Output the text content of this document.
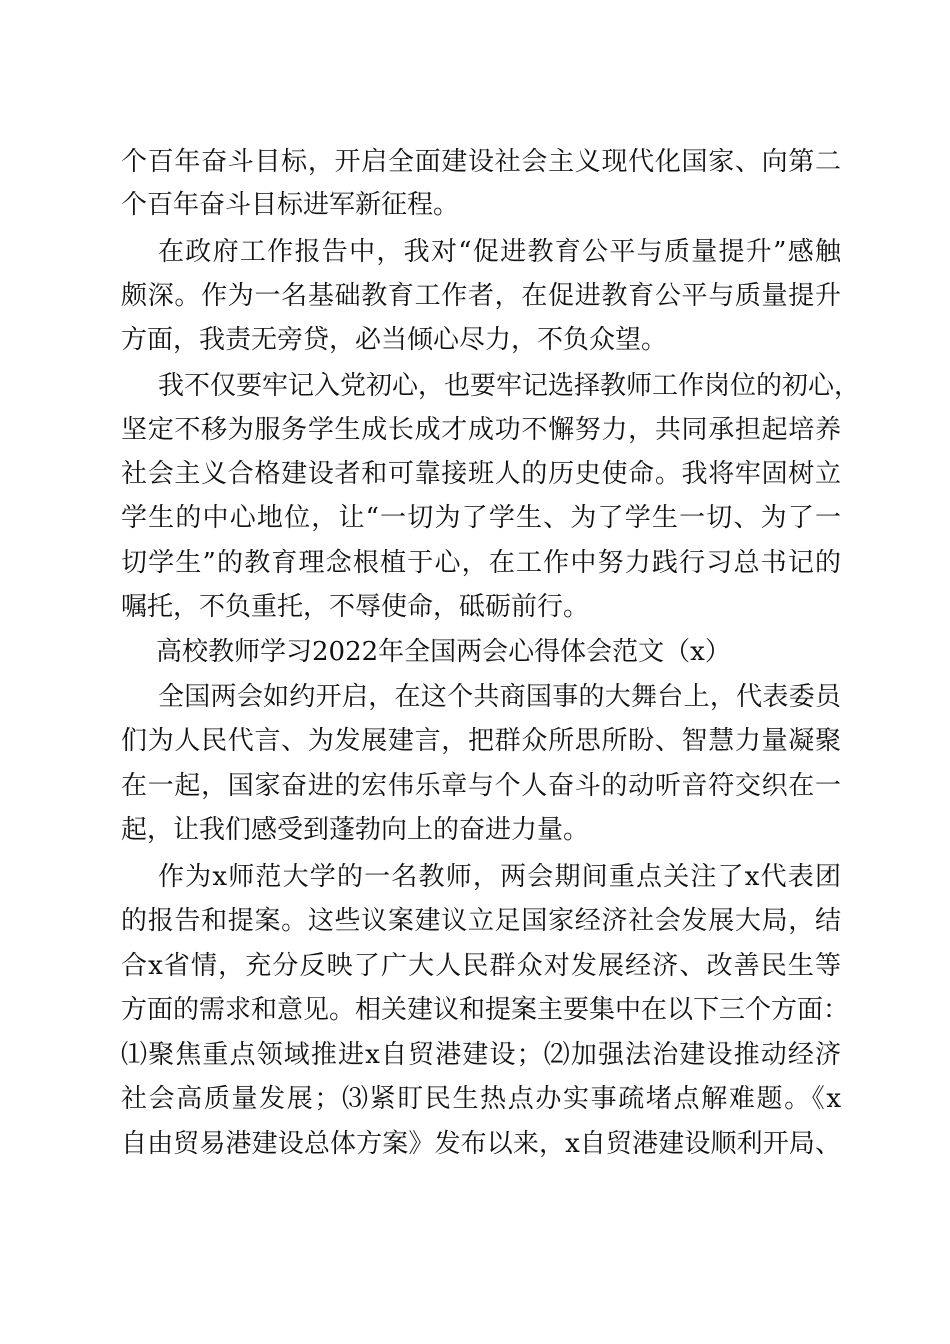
个百年奋斗目标，开启全面建设社会主义现代化国家、向第二
个百年奋斗目标进军新征程。
在政府工作报告中，我对“促进教育公平与质量提升”感触
颇深。作为一名基础教育工作者，在促进教育公平与质量提升
方面，我责无旁贷，必当倾心尽力，不负众望。
我不仅要牢记入党初心，也要牢记选择教师工作岗位的初心，
坚定不移为服务学生成长成才成功不懈努力，共同承担起培养
社会主义合格建设者和可靠接班人的历史使命。我将牢固树立
学生的中心地位，让“一切为了学生、为了学生一切、为了一
切学生”的教育理念根植于心，在工作中努力践行习总书记的
嘱托，不负重托，不辱使命，砥砺前行。
高校教师学习2022年全国两会心得体会范文（x）
全国两会如约开启，在这个共商国事的大舞台上，代表委员
们为人民代言、为发展建言，把群众所思所盼、智慧力量凝聚
在一起，国家奋进的宏伟乐章与个人奋斗的动听音符交织在一
起，让我们感受到蓬勃向上的奋进力量。
作为x师范大学的一名教师，两会期间重点关注了x代表团
的报告和提案。这些议案建议立足国家经济社会发展大局，结
合x省情，充分反映了广大人民群众对发展经济、改善民生等
方面的需求和意见。相关建议和提案主要集中在以下三个方面：
⑴聚焦重点领域推进x自贸港建设；⑵加强法治建设推动经济
社会高质量发展；⑶紧盯民生热点办实事疏堵点解难题。《x
自由贸易港建设总体方案》发布以来，x自贸港建设顺利开局、
